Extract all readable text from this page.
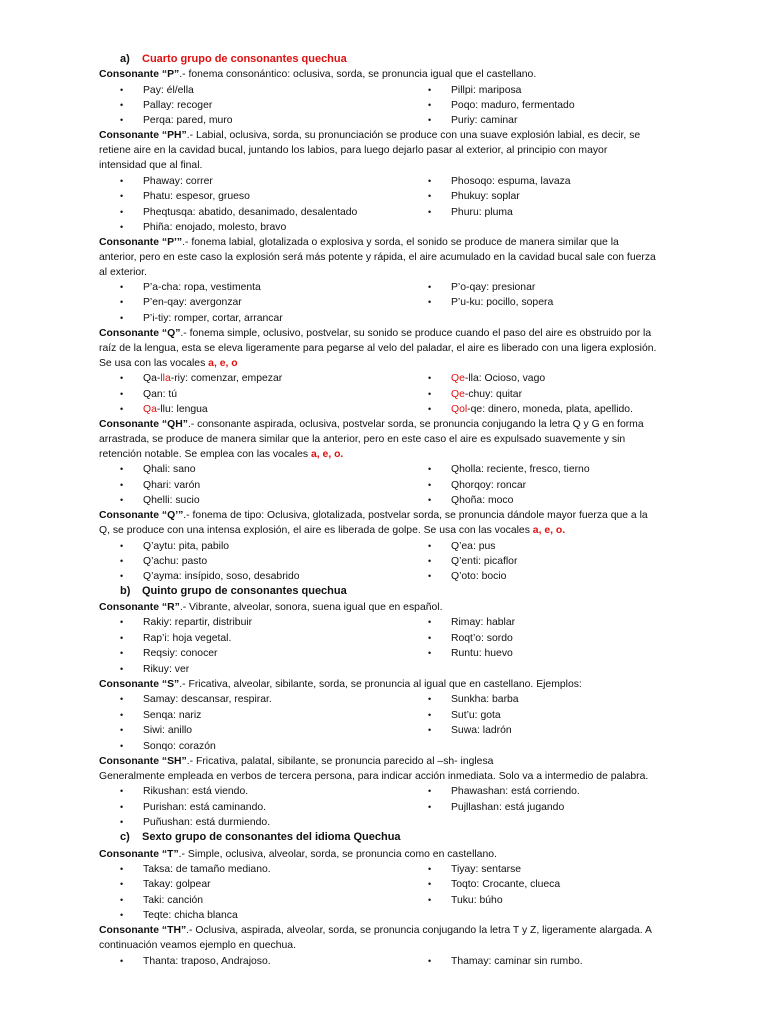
a) Cuarto grupo de consonantes quechua
Consonante “P”.- fonema consonántico: oclusiva, sorda, se pronuncia igual que el castellano.
• Pay: él/ella	• Pillpi: mariposa
• Pallay: recoger	• Poqo: maduro, fermentado
• Perqa: pared, muro	• Puriy: caminar
Consonante “PH”.- Labial, oclusiva, sorda, su pronunciación se produce con una suave explosión labial, es decir, se
retiene aire en la cavidad bucal, juntando los labios, para luego dejarlo pasar al exterior, al principio con mayor
intensidad que al final.
• Phaway: correr	• Phosoqo: espuma, lavaza
• Phatu: espesor, grueso	• Phukuy: soplar
• Pheqtusqa: abatido, desanimado, desalentado	• Phuru: pluma
• Phiña: enojado, molesto, bravo
Consonante “P’”.- fonema labial, glotalizada o explosiva y sorda, el sonido se produce de manera similar que la
anterior, pero en este caso la explosión será más potente y rápida, el aire acumulado en la cavidad bucal sale con fuerza
al exterior.
• P’a-cha: ropa, vestimenta	• P’o-qay: presionar
• P’en-qay: avergonzar	• P’u-ku: pocillo, sopera
• P’i-tiy: romper, cortar, arrancar
Consonante “Q”.- fonema simple, oclusivo, postvelar, su sonido se produce cuando el paso del aire es obstruido por la
raíz de la lengua, esta se eleva ligeramente para pegarse al velo del paladar, el aire es liberado con una ligera explosión.
Se usa con las vocales a, e, o
• Qa-lla-riy: comenzar, empezar	• Qe-lla: Ocioso, vago
• Qan: tú	• Qe-chuy: quitar
• Qa-llu: lengua	• Qol-qe: dinero, moneda, plata, apellido.
Consonante “QH”.- consonante aspirada, oclusiva, postvelar sorda, se pronuncia conjugando la letra Q y G en forma
arrastrada, se produce de manera similar que la anterior, pero en este caso el aire es expulsado suavemente y sin
retención notable. Se emplea con las vocales a, e, o.
• Qhali: sano	• Qholla: reciente, fresco, tierno
• Qhari: varón	• Qhorqoy: roncar
• Qhelli: sucio	• Qhoña: moco
Consonante “Q’”.- fonema de tipo: Oclusiva, glotalizada, postvelar sorda, se pronuncia dándole mayor fuerza que a la
Q, se produce con una intensa explosión, el aire es liberada de golpe. Se usa con las vocales a, e, o.
• Q’aytu: pita, pabilo	• Q’ea: pus
• Q’achu: pasto	• Q’enti: picaflor
• Q’ayma: insípido, soso, desabrido	• Q’oto: bocio
b) Quinto grupo de consonantes quechua
Consonante “R”.- Vibrante, alveolar, sonora, suena igual que en español.
• Rakiy: repartir, distribuir	• Rimay: hablar
• Rap’i: hoja vegetal.	• Roqt’o: sordo
• Reqsiy: conocer	• Runtu: huevo
• Rikuy: ver
Consonante “S”.- Fricativa, alveolar, sibilante, sorda, se pronuncia al igual que en castellano. Ejemplos:
• Samay: descansar, respirar.	• Sunkha: barba
• Senqa: nariz	• Sut’u: gota
• Siwi: anillo	• Suwa: ladrón
• Sonqo: corazón
Consonante “SH”.- Fricativa, palatal, sibilante, se pronuncia parecido al –sh- inglesa
Generalmente empleada en verbos de tercera persona, para indicar acción inmediata. Solo va a intermedio de palabra.
• Rikushan: está viendo.	• Phawashan: está corriendo.
• Purishan: está caminando.	• Pujllashan: está jugando
• Puñushan: está durmiendo.
c) Sexto grupo de consonantes del idioma Quechua
Consonante “T”.- Simple, oclusiva, alveolar, sorda, se pronuncia como en castellano.
• Taksa: de tamaño mediano.	• Tiyay: sentarse
• Takay: golpear	• Toqto: Crocante, clueca
• Taki: canción	• Tuku: búho
• Teqte: chicha blanca
Consonante “TH”.- Oclusiva, aspirada, alveolar, sorda, se pronuncia conjugando la letra T y Z, ligeramente alargada. A
continuación veamos ejemplo en quechua.
• Thanta: traposo, Andrajoso.	• Thamay: caminar sin rumbo.
